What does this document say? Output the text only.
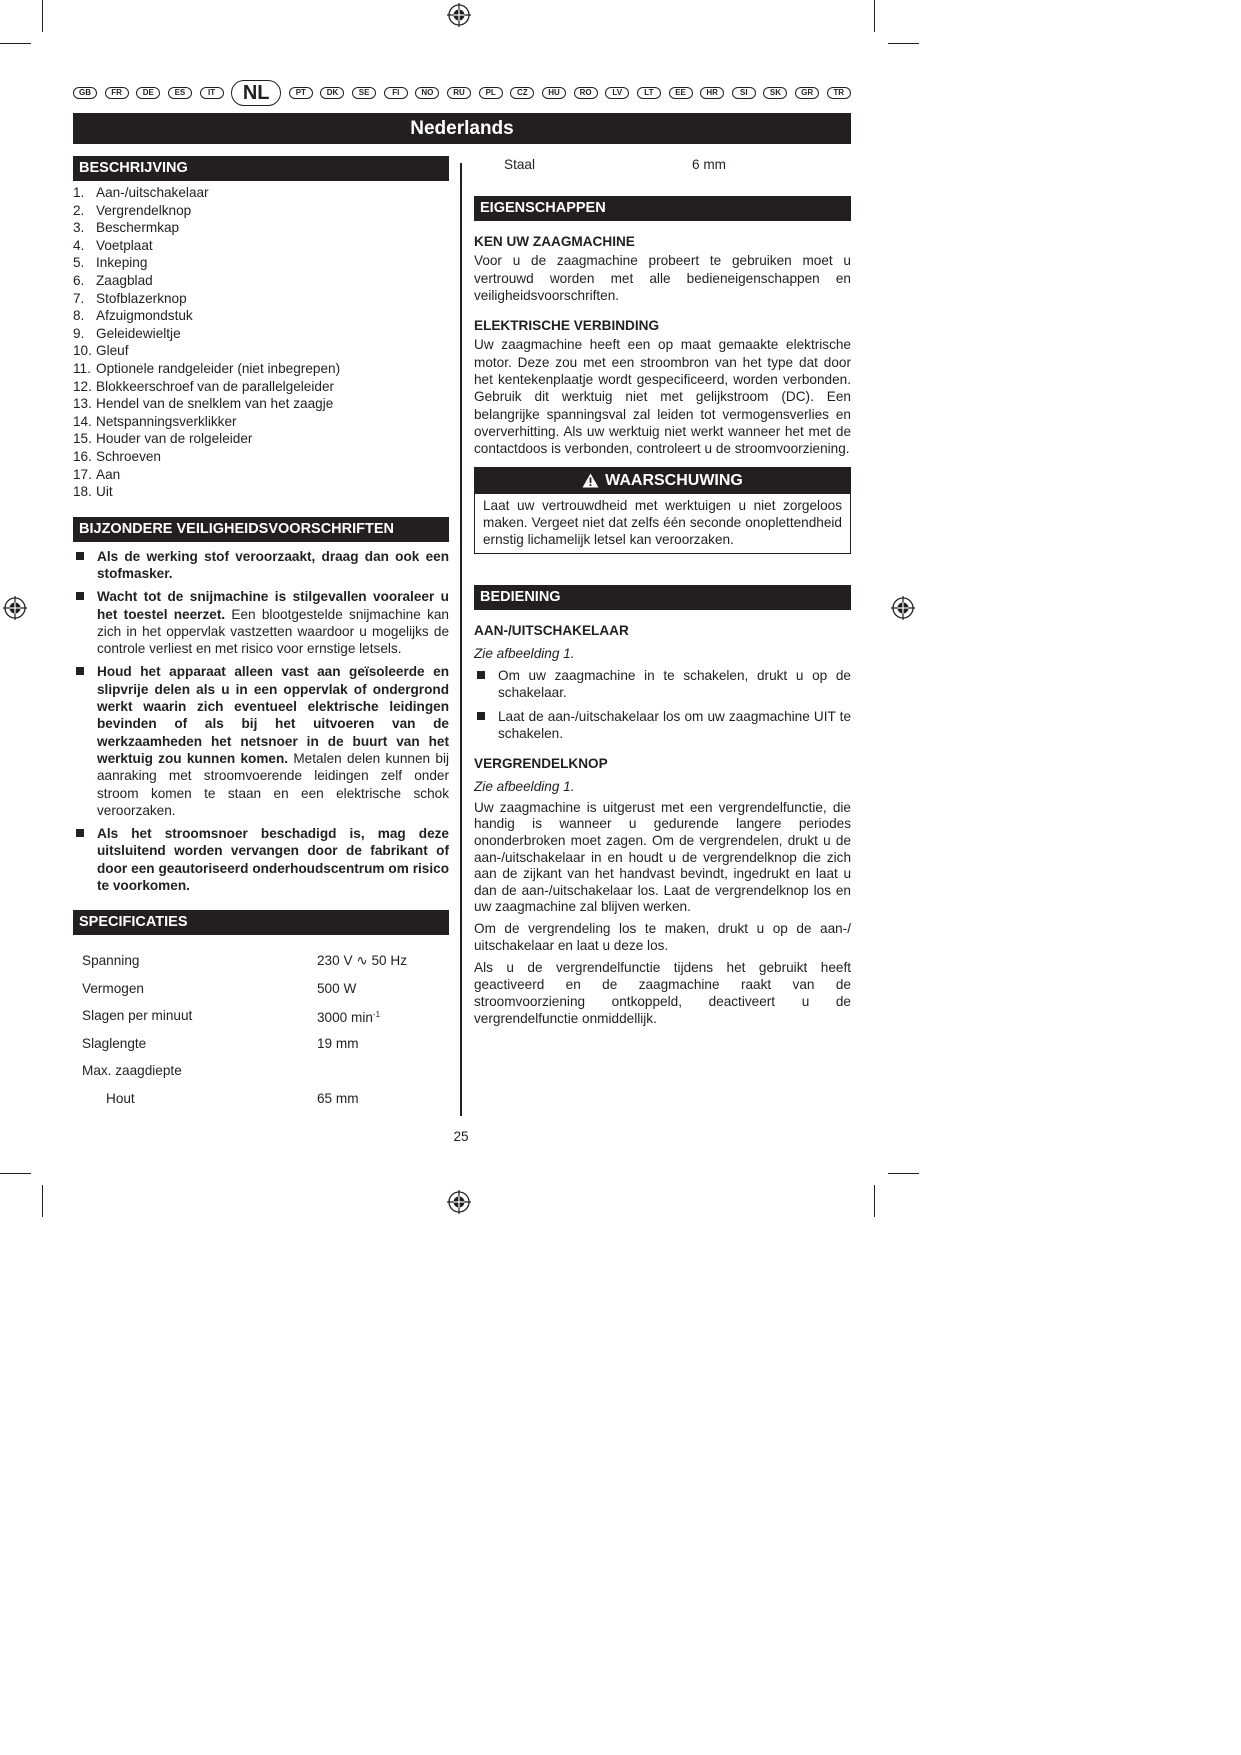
GB	FR	DE	ES	IT	NL	PT	DK	SE	FI	NO	RU	PL	CZ	HU	RO	LV	LT	EE	HR	SI	SK	GR	TR
Nederlands
BESCHRIJVING
1. Aan-/uitschakelaar
2. Vergrendelknop
3. Beschermkap
4. Voetplaat
5. Inkeping
6. Zaagblad
7. Stofblazerknop
8. Afzuigmondstuk
9. Geleidewieltje
10. Gleuf
11. Optionele randgeleider (niet inbegrepen)
12. Blokkeerschroef van de parallelgeleider
13. Hendel van de snelklem van het zaagje
14. Netspanningsverklikker
15. Houder van de rolgeleider
16. Schroeven
17. Aan
18. Uit
BIJZONDERE VEILIGHEIDSVOORSCHRIFTEN
Als de werking stof veroorzaakt, draag dan ook een stofmasker.
Wacht tot de snijmachine is stilgevallen vooraleer u het toestel neerzet. Een blootgestelde snijmachine kan zich in het oppervlak vastzetten waardoor u mogelijks de controle verliest en met risico voor ernstige letsels.
Houd het apparaat alleen vast aan geïsoleerde en slipvrije delen als u in een oppervlak of ondergrond werkt waarin zich eventueel elektrische leidingen bevinden of als bij het uitvoeren van de werkzaamheden het netsnoer in de buurt van het werktuig zou kunnen komen. Metalen delen kunnen bij aanraking met stroomvoerende leidingen zelf onder stroom komen te staan en een elektrische schok veroorzaken.
Als het stroomsnoer beschadigd is, mag deze uitsluitend worden vervangen door de fabrikant of door een geautoriseerd onderhoudscentrum om risico te voorkomen.
SPECIFICATIES
Spanning	230 V ∿ 50 Hz
Vermogen	500 W
Slagen per minuut	3000 $\min^{-1}$
Slaglengte	19 mm
Max. zaagdiepte
Hout	65 mm
Staal	6 mm
EIGENSCHAPPEN
KEN UW ZAAGMACHINE

Voor u de zaagmachine probeert te gebruiken moet u vertrouwd worden met alle bedieneigenschappen en veiligheidsvoorschriften.

ELEKTRISCHE VERBINDING

Uw zaagmachine heeft een op maat gemaakte elektrische motor. Deze zou met een stroombron van het type dat door het kentekenplaatje wordt gespecificeerd, worden verbonden. Gebruik dit werktuig niet met gelijkstroom (DC). Een belangrijke spanningsval zal leiden tot vermogensverlies en oververhitting. Als uw werktuig niet werkt wanneer het met de contactdoos is verbonden, controleert u de stroomvoorziening.

WAARSCHUWING
Laat uw vertrouwdheid met werktuigen u niet zorgeloos maken. Vergeet niet dat zelfs één seconde onoplettendheid ernstig lichamelijk letsel kan veroorzaken.
BEDIENING
AAN-/UITSCHAKELAAR

Zie afbeelding 1.

Om uw zaagmachine in te schakelen, drukt u op de schakelaar.
Laat de aan-/uitschakelaar los om uw zaagmachine UIT te schakelen.
VERGRENDELKNOP

Zie afbeelding 1.

Uw zaagmachine is uitgerust met een vergrendelfunctie, die handig is wanneer u gedurende langere periodes ononderbroken moet zagen. Om de vergrendelen, drukt u de aan-/uitschakelaar in en houdt u de vergrendelknop die zich aan de zijkant van het handvast bevindt, ingedrukt en laat u dan de aan-/uitschakelaar los. Laat de vergrendelknop los en uw zaagmachine zal blijven werken.

Om de vergrendeling los te maken, drukt u op de aan-/ uitschakelaar en laat u deze los.

Als u de vergrendelfunctie tijdens het gebruikt heeft geactiveerd en de zaagmachine raakt van de stroomvoorziening ontkoppeld, deactiveert u de vergrendelfunctie onmiddellijk.

25
